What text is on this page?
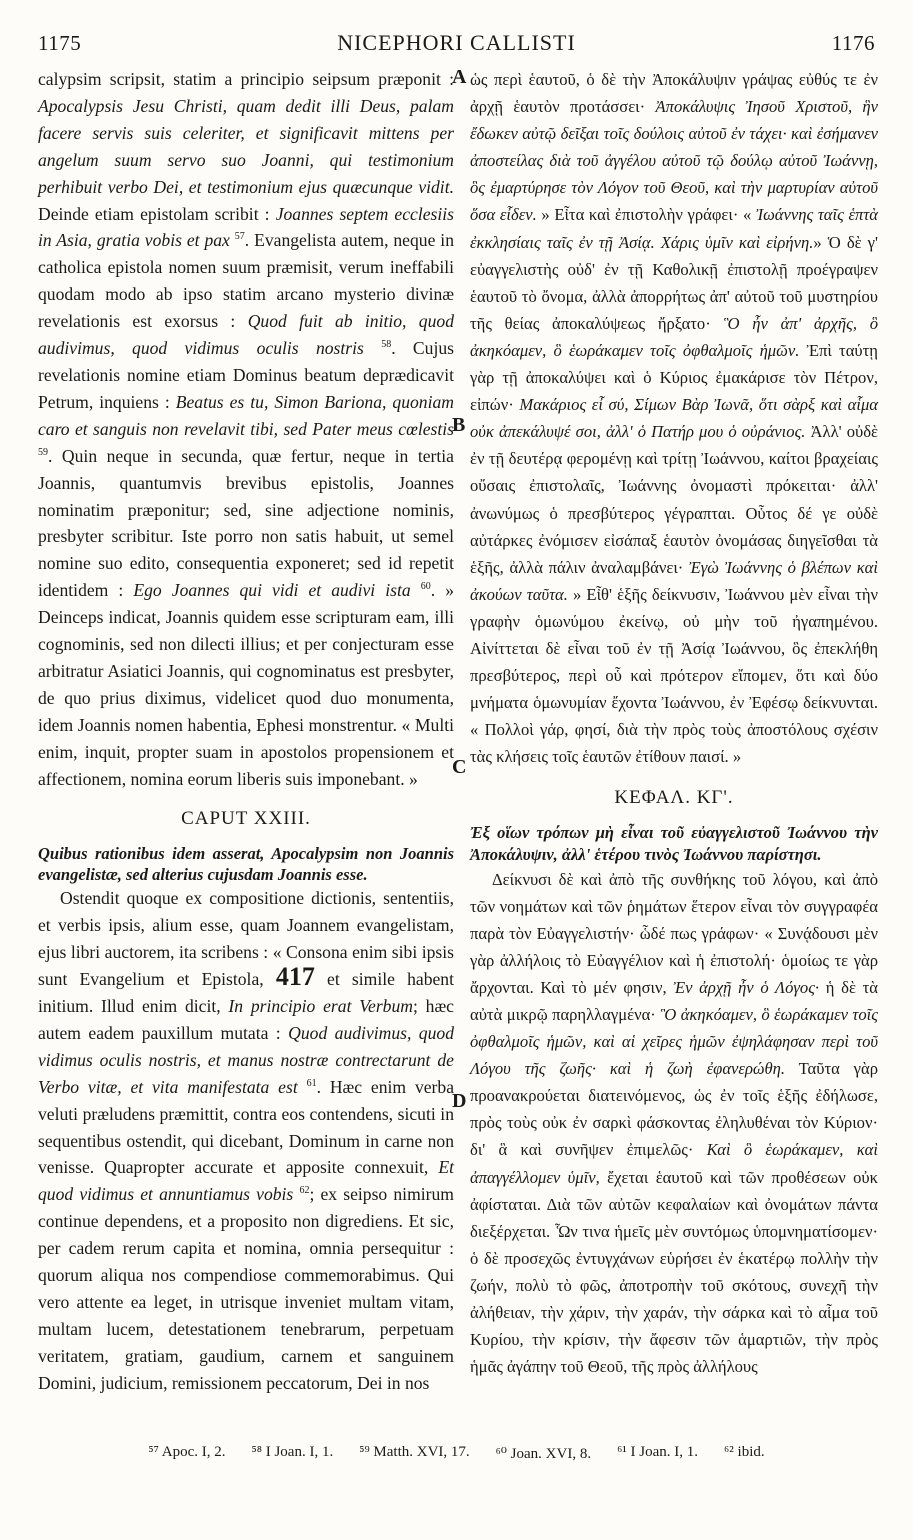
1175	NICEPHORI CALLISTI	1176
A
B
C
D

calypsim scripsit, statim a principio seipsum præponit : Apocalypsis Jesu Christi, quam dedit illi Deus, palam facere servis suis celeriter, et significavit mittens per angelum suum servo suo Joanni, qui testimonium perhibuit verbo Dei, et testimonium ejus quæcunque vidit. Deinde etiam epistolam scribit : Joannes septem ecclesiis in Asia, gratia vobis et pax $^{57}$. Evangelista autem, neque in catholica epistola nomen suum præmisit, verum ineffabili quodam modo ab ipso statim arcano mysterio divinæ revelationis est exorsus : Quod fuit ab initio, quod audivimus, quod vidimus oculis nostris $^{58}$. Cujus revelationis nomine etiam Dominus beatum deprædicavit Petrum, inquiens : Beatus es tu, Simon Bariona, quoniam caro et sanguis non revelavit tibi, sed Pater meus cœlestis $^{59}$. Quin neque in secunda, quæ fertur, neque in tertia Joannis, quantumvis brevibus epistolis, Joannes nominatim præponitur; sed, sine adjectione nominis, presbyter scribitur. Iste porro non satis habuit, ut semel nomine suo edito, consequentia exponeret; sed id repetit identidem : Ego Joannes qui vidi et audivi ista $^{60}$. » Deinceps indicat, Joannis quidem esse scripturam eam, illi cognominis, sed non dilecti illius; et per conjecturam esse arbitratur Asiatici Joannis, qui cognominatus est presbyter, de quo prius diximus, videlicet quod duo monumenta, idem Joannis nomen habentia, Ephesi monstrentur. « Multi enim, inquit, propter suam in apostolos propensionem et affectionem, nomina eorum liberis suis imponebant. »

CAPUT XXIII.

Quibus rationibus idem asserat, Apocalypsim non Joannis evangelistæ, sed alterius cujusdam Joannis esse.

Ostendit quoque ex compositione dictionis, sententiis, et verbis ipsis, alium esse, quam Joannem evangelistam, ejus libri auctorem, ita scribens : « Consona enim sibi ipsis sunt Evangelium et Epistola, 417 et simile habent initium. Illud enim dicit, In principio erat Verbum; hæc autem eadem pauxillum mutata : Quod audivimus, quod vidimus oculis nostris, et manus nostræ contrectarunt de Verbo vitæ, et vita manifestata est $^{61}$. Hæc enim verba veluti præludens præmittit, contra eos contendens, sicuti in sequentibus ostendit, qui dicebant, Dominum in carne non venisse. Quapropter accurate et apposite connexuit, Et quod vidimus et annuntiamus vobis $^{62}$; ex seipso nimirum continue dependens, et a proposito non digrediens. Et sic, per cadem rerum capita et nomina, omnia persequitur : quorum aliqua nos compendiose commemorabimus. Qui vero attente ea leget, in utrisque inveniet multam vitam, multam lucem, detestationem tenebrarum, perpetuam veritatem, gratiam, gaudium, carnem et sanguinem Domini, judicium, remissionem peccatorum, Dei in nos

ὡς περὶ ἑαυτοῦ, ὁ δὲ τὴν Ἀποκάλυψιν γράψας εὐθύς τε ἐν ἀρχῇ ἑαυτὸν προτάσσει· Ἀποκάλυψις Ἰησοῦ Χριστοῦ, ἣν ἔδωκεν αὐτῷ δεῖξαι τοῖς δούλοις αὐτοῦ ἐν τάχει· καὶ ἐσήμανεν ἀποστείλας διὰ τοῦ ἀγγέλου αὐτοῦ τῷ δούλῳ αὐτοῦ Ἰωάννῃ, ὃς ἐμαρτύρησε τὸν Λόγον τοῦ Θεοῦ, καὶ τὴν μαρτυρίαν αὐτοῦ ὅσα εἶδεν. » Εἶτα καὶ ἐπιστολὴν γράφει· « Ἰωάννης ταῖς ἑπτὰ ἐκκλησίαις ταῖς ἐν τῇ Ἀσίᾳ. Χάρις ὑμῖν καὶ εἰρήνη.» Ὁ δὲ γ' εὐαγγελιστὴς οὐδ' ἐν τῇ Καθολικῇ ἐπιστολῇ προέγραψεν ἑαυτοῦ τὸ ὄνομα, ἀλλὰ ἀπορρήτως ἀπ' αὐτοῦ τοῦ μυστηρίου τῆς θείας ἀποκαλύψεως ἤρξατο· Ὃ ἦν ἀπ' ἀρχῆς, ὃ ἀκηκόαμεν, ὃ ἑωράκαμεν τοῖς ὀφθαλμοῖς ἡμῶν. Ἐπὶ ταύτῃ γὰρ τῇ ἀποκαλύψει καὶ ὁ Κύριος ἐμακάρισε τὸν Πέτρον, εἰπών· Μακάριος εἶ σύ, Σίμων Βὰρ Ἰωνᾶ, ὅτι σὰρξ καὶ αἷμα οὐκ ἀπεκάλυψέ σοι, ἀλλ' ὁ Πατήρ μου ὁ οὐράνιος. Ἀλλ' οὐδὲ ἐν τῇ δευτέρᾳ φερομένῃ καὶ τρίτῃ Ἰωάννου, καίτοι βραχείαις οὔσαις ἐπιστολαῖς, Ἰωάννης ὀνομαστὶ πρόκειται· ἀλλ' ἀνωνύμως ὁ πρεσβύτερος γέγραπται. Οὗτος δέ γε οὐδὲ αὐτάρκες ἐνόμισεν εἰσάπαξ ἑαυτὸν ὀνομάσας διηγεῖσθαι τὰ ἑξῆς, ἀλλὰ πάλιν ἀναλαμβάνει· Ἐγὼ Ἰωάννης ὁ βλέπων καὶ ἀκούων ταῦτα. » Εἶθ' ἑξῆς δείκνυσιν, Ἰωάννου μὲν εἶναι τὴν γραφὴν ὁμωνύμου ἐκείνῳ, οὐ μὴν τοῦ ἠγαπημένου. Αἰνίττεται δὲ εἶναι τοῦ ἐν τῇ Ἀσίᾳ Ἰωάννου, ὃς ἐπεκλήθη πρεσβύτερος, περὶ οὗ καὶ πρότερον εἴπομεν, ὅτι καὶ δύο μνήματα ὁμωνυμίαν ἔχοντα Ἰωάννου, ἐν Ἐφέσῳ δείκνυνται. « Πολλοὶ γάρ, φησί, διὰ τὴν πρὸς τοὺς ἀποστόλους σχέσιν τὰς κλήσεις τοῖς ἑαυτῶν ἐτίθουν παισί. »

ΚΕΦΑΛ. ΚΓ'.

Ἐξ οἵων τρόπων μὴ εἶναι τοῦ εὐαγγελιστοῦ Ἰωάννου τὴν Ἀποκάλυψιν, ἀλλ' ἑτέρου τινὸς Ἰωάννου παρίστησι.

Δείκνυσι δὲ καὶ ἀπὸ τῆς συνθήκης τοῦ λόγου, καὶ ἀπὸ τῶν νοημάτων καὶ τῶν ῥημάτων ἕτερον εἶναι τὸν συγγραφέα παρὰ τὸν Εὐαγγελιστήν· ὧδέ πως γράφων· « Συνᾴδουσι μὲν γὰρ ἀλλήλοις τὸ Εὐαγγέλιον καὶ ἡ ἐπιστολή· ὁμοίως τε γὰρ ἄρχονται. Καὶ τὸ μέν φησιν, Ἐν ἀρχῇ ἦν ὁ Λόγος· ἡ δὲ τὰ αὐτὰ μικρῷ παρηλλαγμένα· Ὃ ἀκηκόαμεν, ὃ ἑωράκαμεν τοῖς ὀφθαλμοῖς ἡμῶν, καὶ αἱ χεῖρες ἡμῶν ἐψηλάφησαν περὶ τοῦ Λόγου τῆς ζωῆς· καὶ ἡ ζωὴ ἐφανερώθη. Ταῦτα γὰρ προανακρούεται διατεινόμενος, ὡς ἐν τοῖς ἑξῆς ἐδήλωσε, πρὸς τοὺς οὐκ ἐν σαρκὶ φάσκοντας ἐληλυθέναι τὸν Κύριον· δι' ἃ καὶ συνῆψεν ἐπιμελῶς· Καὶ ὃ ἑωράκαμεν, καὶ ἀπαγγέλλομεν ὑμῖν, ἔχεται ἑαυτοῦ καὶ τῶν προθέσεων οὐκ ἀφίσταται. Διὰ τῶν αὐτῶν κεφαλαίων καὶ ὀνομάτων πάντα διεξέρχεται. Ὧν τινα ἡμεῖς μὲν συντόμως ὑπομνηματίσομεν· ὁ δὲ προσεχῶς ἐντυγχάνων εὑρήσει ἐν ἑκατέρῳ πολλὴν τὴν ζωήν, πολὺ τὸ φῶς, ἀποτροπὴν τοῦ σκότους, συνεχῆ τὴν ἀλήθειαν, τὴν χάριν, τὴν χαράν, τὴν σάρκα καὶ τὸ αἷμα τοῦ Κυρίου, τὴν κρίσιν, τὴν ἄφεσιν τῶν ἁμαρτιῶν, τὴν πρὸς ἡμᾶς ἀγάπην τοῦ Θεοῦ, τῆς πρὸς ἀλλήλους

⁵⁷ Apoc. I, 2. ⁵⁸ I Joan. I, 1. ⁵⁹ Matth. XVI, 17. ⁶⁰ Joan. XVI, 8. ⁶¹ I Joan. I, 1. ⁶² ibid.
